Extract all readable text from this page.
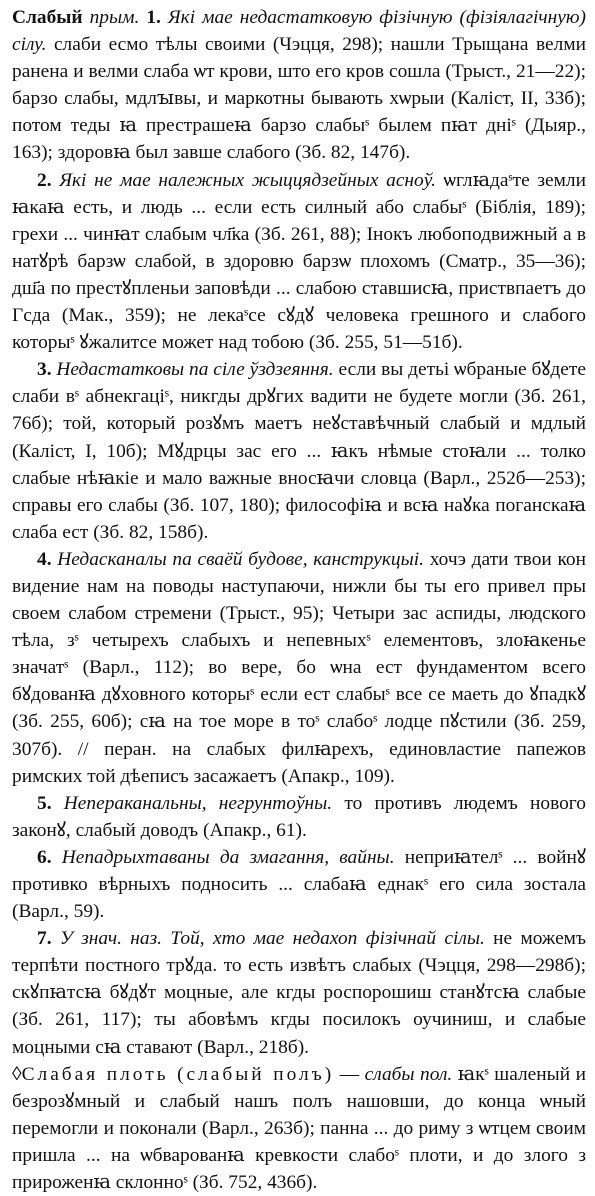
Слабый прым. 1. Які мае недастатковую фізічную (фізіялагічную) сілу. слаби есмо тѣлы своими (Чэцця, 298); нашли Трыщана велми ранена и велми слаба ѡт крови, што его кров сошла (Трыст., 21—22); барзо слабы, мдлꙑвы, и маркотны бывають хѡрыи (Калiст, II, 33б); потом теды ꙗ престрашеꙗ барзо слабыˢ былем пꙗт днiˢ (Дыяр., 163); здоровꙗ был завше слабого (Зб. 82, 147б).

2. Які не мае належных жыццядзейных асноў. ѡглꙗдаˢте земли ꙗкаꙗ есть, и людь ... если есть силный або слабыˢ (Бiблiя, 189); грехи ... чинꙗт слабым чл҃ка (Зб. 261, 88); Iнокъ любоподвижный а в натꙋрѣ барзѡ слабой, в здоровю барзѡ плохомъ (Сматр., 35—36); дш҃а по престꙋпленьи заповѣди ... слабою ставшисꙗ, приствпаетъ до Гсда (Мак., 359); не лекаˢсе сꙋдꙋ человека грешного и слабого которыˢ ꙋжалитсе может над тобою (Зб. 255, 51—51б).

3. Недастатковы па сіле ўздзеяння. если вы детьі ѡбраные бꙋдете слаби вˢ абнекгацiˢ, никгды дрꙋгих вадити не будете могли (Зб. 261, 76б); той, который розꙋмъ маетъ неꙋставѣчный слабый и мдлый (Калiст, I, 10б); Мꙋдрцы зас его ... ꙗкъ нѣмые стоꙗли ... толко слабые нѣꙗкiе и мало важные вносꙗчи словца (Варл., 252б—253); справы его слабы (Зб. 107, 180); философiꙗ и всꙗ наꙋка поганскаꙗ слаба ест (Зб. 82, 158б).

4. Недасканалы па сваёй будове, канструкцыі. хочэ дати твои кон видение нам на поводы наступаючи, нижли бы ты его привел пры своем слабом стремени (Трыст., 95); Четыри зас аспиды, людского тѣла, зˢ четырехъ слабыхъ и непевныхˢ елементовъ, злоꙗкенье значатˢ (Варл., 112); во вере, бо ѡна ест фундаментом всего бꙋдованꙗ дꙋховного которыˢ если ест слабыˢ все се маеть до ꙋпадкꙋ (Зб. 255, 60б); сꙗ на тое море в тоˢ слабоˢ лодце пꙋстили (Зб. 259, 307б). // перан. на слабых филꙗрехъ, единовластие папежов римских той дѣеписъ засажаетъ (Апакр., 109).

5. Непераканальны, негрунтоўны. то противъ людемъ нового законꙋ, слабый доводъ (Апакр., 61).

6. Непадрыхтаваны да змагання, вайны. неприꙗтелˢ ... войнꙋ противко вѣрныхъ подносить ... слабаꙗ еднакˢ его сила зостала (Варл., 59).

7. У знач. наз. Той, хто мае недахоп фізічнай сілы. не можемъ терпѣти постного трꙋда. то есть извѣтъ слабых (Чэцця, 298—298б); скꙋпꙗтсꙗ бꙋдꙋт моцные, але кгды роспорошиш станꙋтсꙗ слабые (Зб. 261, 117); ты абовѣмъ кгды посилокъ оучиниш, и слабые моцными сꙗ ставают (Варл., 218б).

◊Слабая плоть (слабый полъ) — слабы пол. ꙗкˢ шаленый и безрозꙋмный и слабый нашъ полъ нашовши, до конца ѡный перемогли и поконали (Варл., 263б); панна ... до риму з ѡтцем своим пришла ... на ѡбварованꙗ кревкости слабоˢ плоти, и до злого з прироженꙗ склонноˢ (Зб. 752, 436б).
